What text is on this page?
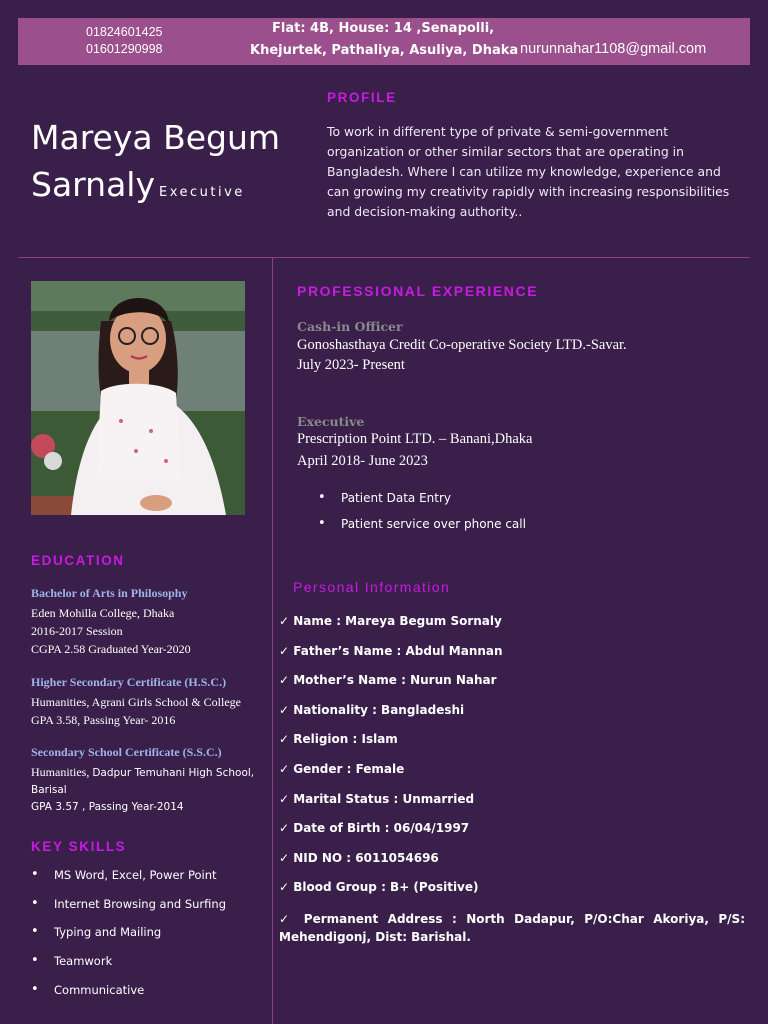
01824601425
01601290998
Flat: 4B, House: 14 ,Senapolli,
Khejurtek, Pathaliya, Asuliya, Dhaka nurunnahar1108@gmail.com
Mareya Begum
Sarnaly Executive
PROFILE
To work in different type of private & semi-government organization or other similar sectors that are operating in Bangladesh. Where I can utilize my knowledge, experience and can growing my creativity rapidly with increasing responsibilities and decision-making authority..
EDUCATION
Bachelor of Arts in Philosophy
Eden Mohilla College, Dhaka
2016-2017 Session
CGPA 2.58 Graduated Year-2020
Higher Secondary Certificate (H.S.C.)
Humanities, Agrani Girls School & College
GPA 3.58, Passing Year- 2016
Secondary School Certificate (S.S.C.)
Humanities, Dadpur Temuhani High School,
Barisal
GPA 3.57 , Passing Year-2014
KEY SKILLS
• MS Word, Excel, Power Point
• Internet Browsing and Surfing
• Typing and Mailing
• Teamwork
• Communicative
PROFESSIONAL EXPERIENCE
Cash-in Officer
Gonoshasthaya Credit Co-operative Society LTD.-Savar.
July 2023- Present
Executive
Prescription Point LTD. – Banani,Dhaka
April 2018- June 2023
• Patient Data Entry
• Patient service over phone call
Personal Information
✓ Name : Mareya Begum Sornaly
✓ Father’s Name : Abdul Mannan
✓ Mother’s Name : Nurun Nahar
✓ Nationality : Bangladeshi
✓ Religion : Islam
✓ Gender : Female
✓ Marital Status : Unmarried
✓ Date of Birth : 06/04/1997
✓ NID NO : 6011054696
✓ Blood Group : B+ (Positive)
✓ Permanent Address : North Dadapur, P/O:Char Akoriya, P/S: Mehendigonj, Dist: Barishal.
